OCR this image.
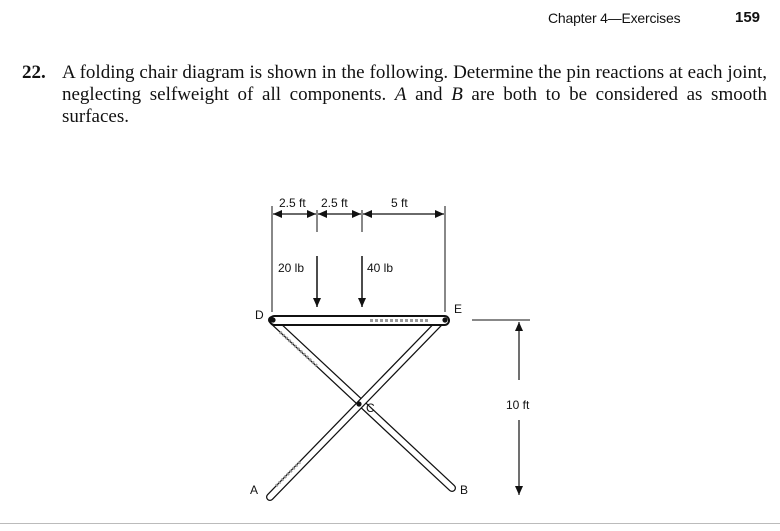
Chapter 4—Exercises	159
22. A folding chair diagram is shown in the following. Determine the pin reactions at each joint, neglecting selfweight of all components. A and B are both to be considered as smooth surfaces.
2.5 ft 2.5 ft	5 ft
20 lb	40 lb
10 ft
D	E
C
A	B
